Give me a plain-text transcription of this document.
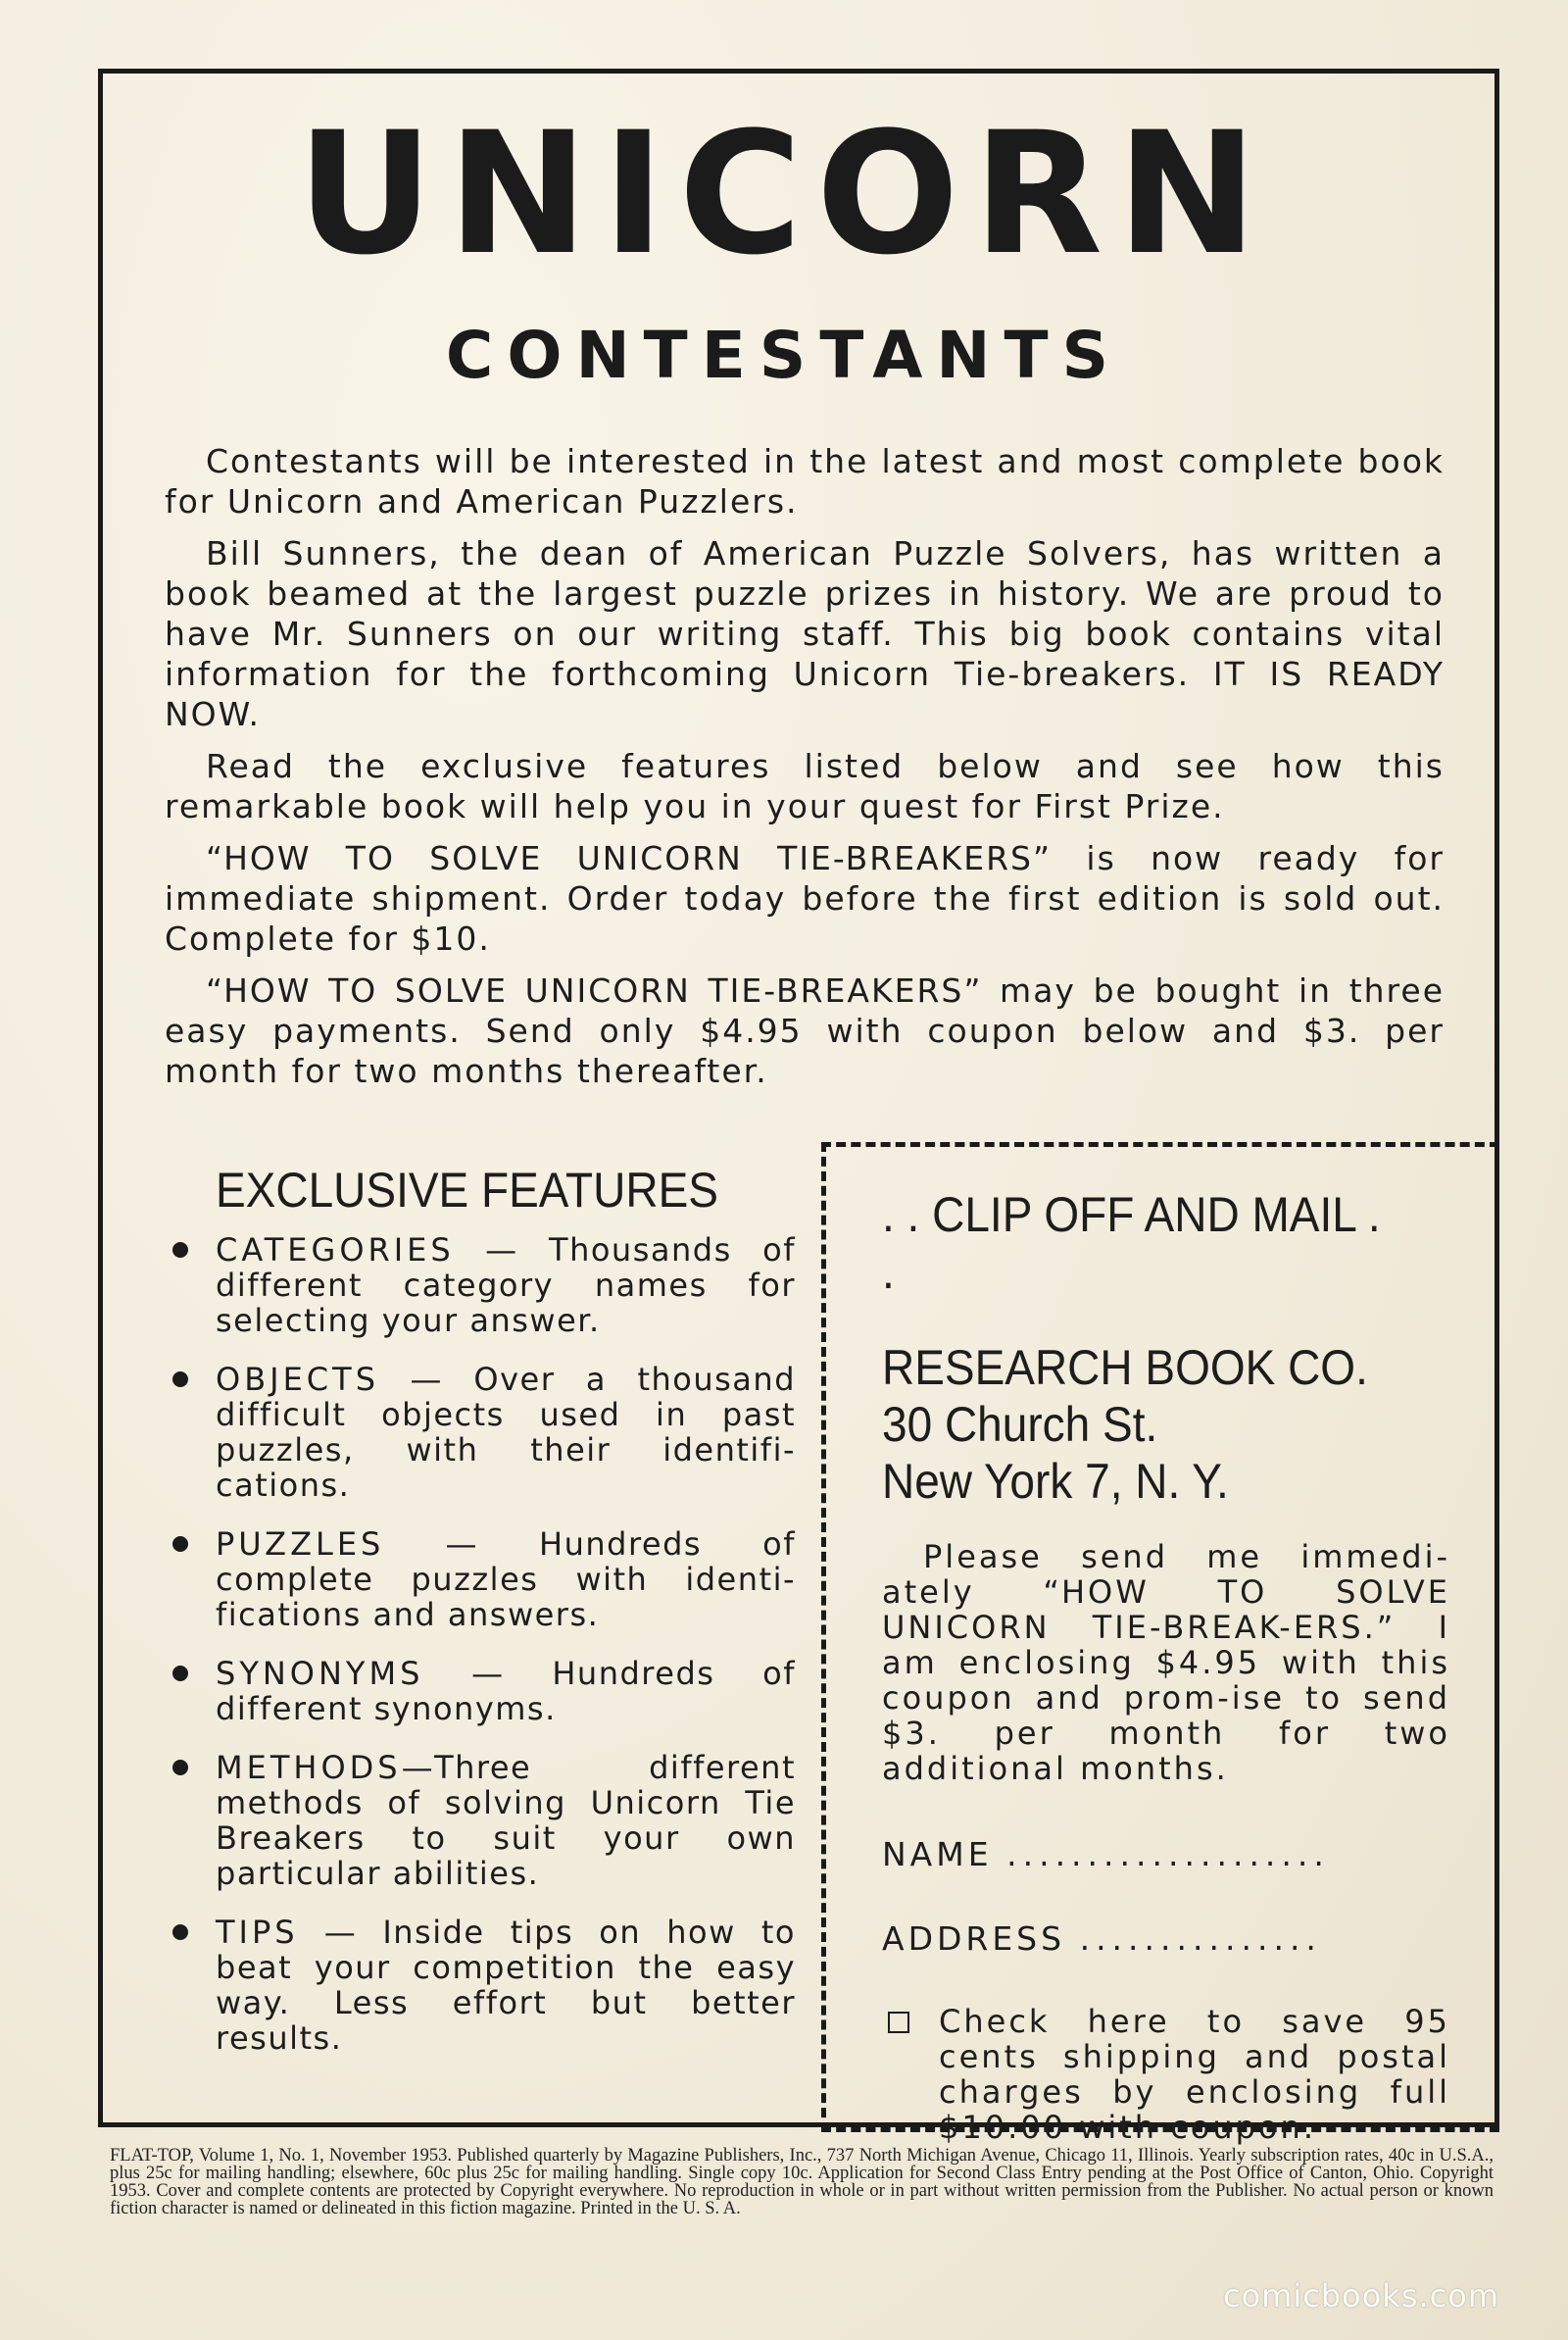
UNICORN
CONTESTANTS

Contestants will be interested in the latest and most complete book for Unicorn and American Puzzlers.

Bill Sunners, the dean of American Puzzle Solvers, has written a book beamed at the largest puzzle prizes in history. We are proud to have Mr. Sunners on our writing staff. This big book contains vital information for the forthcoming Unicorn Tie-breakers. IT IS READY NOW.

Read the exclusive features listed below and see how this remarkable book will help you in your quest for First Prize.

“HOW TO SOLVE UNICORN TIE-BREAKERS” is now ready for immediate shipment. Order today before the first edition is sold out. Complete for $10.

“HOW TO SOLVE UNICORN TIE-BREAKERS” may be bought in three easy payments. Send only $4.95 with coupon below and $3. per month for two months thereafter.

EXCLUSIVE FEATURES
CATEGORIES — Thousands of different category names for selecting your answer.
OBJECTS — Over a thousand difficult objects used in past puzzles, with their identifi-cations.
PUZZLES — Hundreds of complete puzzles with identi-fications and answers.
SYNONYMS — Hundreds of different synonyms.
METHODS—Three different methods of solving Unicorn Tie Breakers to suit your own particular abilities.
TIPS — Inside tips on how to beat your competition the easy way. Less effort but better results.
. . CLIP OFF AND MAIL . .
RESEARCH BOOK CO.
30 Church St.
New York 7, N. Y.
Please send me immedi-ately “HOW TO SOLVE UNICORN TIE-BREAK-ERS.” I am enclosing $4.95 with this coupon and prom-ise to send $3. per month for two additional months.
NAME ....................
ADDRESS ...............
Check here to save 95 cents shipping and postal charges by enclosing full $10.00 with coupon.
FLAT-TOP, Volume 1, No. 1, November 1953. Published quarterly by Magazine Publishers, Inc., 737 North Michigan Avenue, Chicago 11, Illinois. Yearly subscription rates, 40c in U.S.A., plus 25c for mailing handling; elsewhere, 60c plus 25c for mailing handling. Single copy 10c. Application for Second Class Entry pending at the Post Office of Canton, Ohio. Copyright 1953. Cover and complete contents are protected by Copyright everywhere. No reproduction in whole or in part without written permission from the Publisher. No actual person or known fiction character is named or delineated in this fiction magazine. Printed in the U. S. A.
comicbooks.com
